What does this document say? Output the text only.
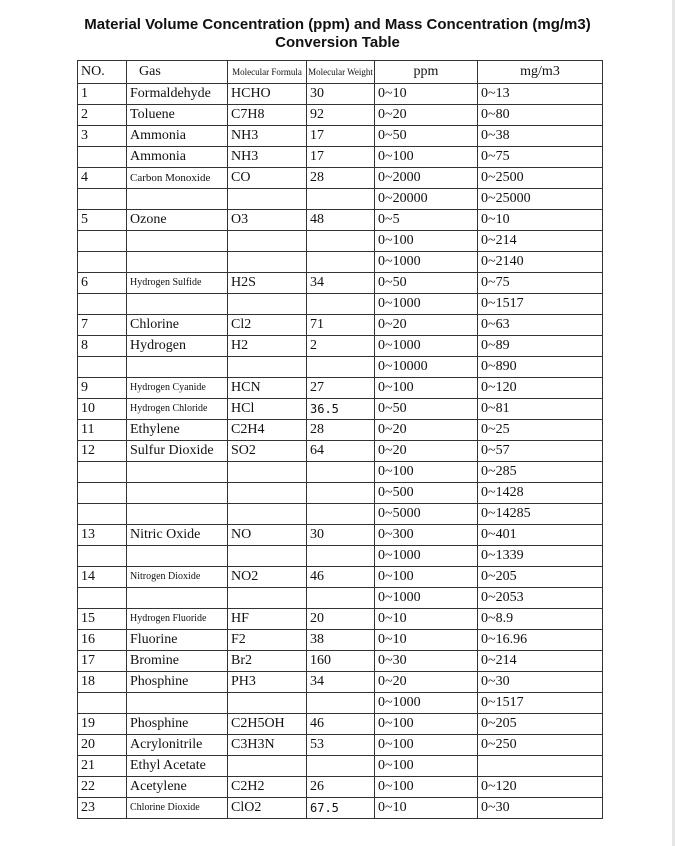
Material Volume Concentration (ppm) and Mass Concentration (mg/m3)
Conversion Table
NO.	Gas	Molecular Formula	Molecular Weight	ppm	mg/m3
1	Formaldehyde	HCHO	30	0~10	0~13
2	Toluene	C7H8	92	0~20	0~80
3	Ammonia	NH3	17	0~50	0~38
	Ammonia	NH3	17	0~100	0~75
4	Carbon Monoxide	CO	28	0~2000	0~2500
				0~20000	0~25000
5	Ozone	O3	48	0~5	0~10
				0~100	0~214
				0~1000	0~2140
6	Hydrogen Sulfide	H2S	34	0~50	0~75
				0~1000	0~1517
7	Chlorine	Cl2	71	0~20	0~63
8	Hydrogen	H2	2	0~1000	0~89
				0~10000	0~890
9	Hydrogen Cyanide	HCN	27	0~100	0~120
10	Hydrogen Chloride	HCl	36.5	0~50	0~81
11	Ethylene	C2H4	28	0~20	0~25
12	Sulfur Dioxide	SO2	64	0~20	0~57
				0~100	0~285
				0~500	0~1428
				0~5000	0~14285
13	Nitric Oxide	NO	30	0~300	0~401
				0~1000	0~1339
14	Nitrogen Dioxide	NO2	46	0~100	0~205
				0~1000	0~2053
15	Hydrogen Fluoride	HF	20	0~10	0~8.9
16	Fluorine	F2	38	0~10	0~16.96
17	Bromine	Br2	160	0~30	0~214
18	Phosphine	PH3	34	0~20	0~30
				0~1000	0~1517
19	Phosphine	C2H5OH	46	0~100	0~205
20	Acrylonitrile	C3H3N	53	0~100	0~250
21	Ethyl Acetate			0~100	
22	Acetylene	C2H2	26	0~100	0~120
23	Chlorine Dioxide	ClO2	67.5	0~10	0~30
